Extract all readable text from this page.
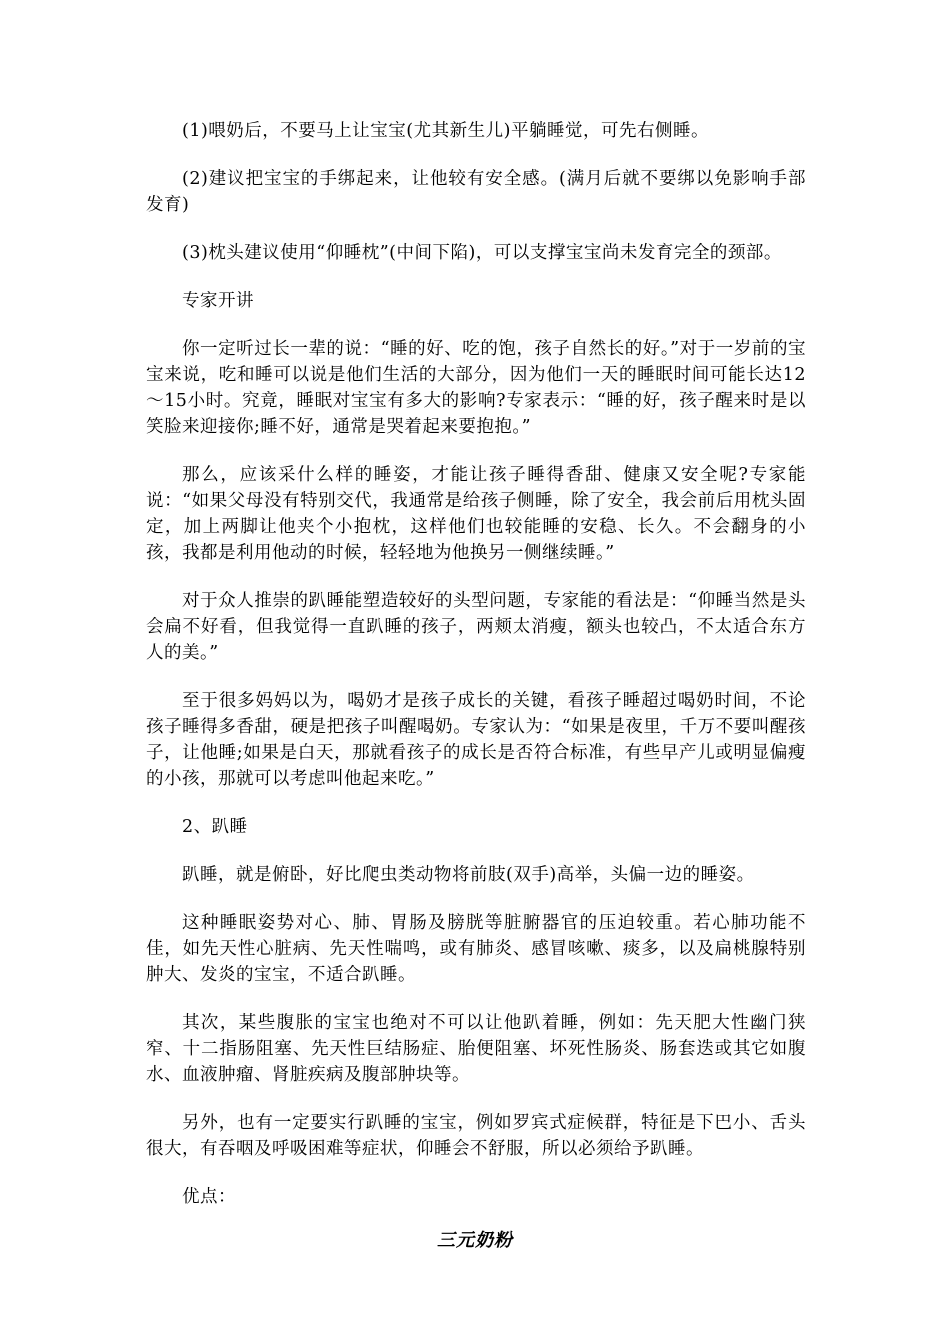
(1)喂奶后，不要马上让宝宝(尤其新生儿)平躺睡觉，可先右侧睡。

(2)建议把宝宝的手绑起来，让他较有安全感。(满月后就不要绑以免影响手部发育)

(3)枕头建议使用“仰睡枕”(中间下陷)，可以支撑宝宝尚未发育完全的颈部。

专家开讲

你一定听过长一辈的说：“睡的好、吃的饱，孩子自然长的好。”对于一岁前的宝宝来说，吃和睡可以说是他们生活的大部分，因为他们一天的睡眠时间可能长达12～15小时。究竟，睡眠对宝宝有多大的影响?专家表示：“睡的好，孩子醒来时是以笑脸来迎接你;睡不好，通常是哭着起来要抱抱。”

那么，应该采什么样的睡姿，才能让孩子睡得香甜、健康又安全呢?专家能说：“如果父母没有特别交代，我通常是给孩子侧睡，除了安全，我会前后用枕头固定，加上两脚让他夹个小抱枕，这样他们也较能睡的安稳、长久。不会翻身的小孩，我都是利用他动的时候，轻轻地为他换另一侧继续睡。”

对于众人推崇的趴睡能塑造较好的头型问题，专家能的看法是：“仰睡当然是头会扁不好看，但我觉得一直趴睡的孩子，两颊太消瘦，额头也较凸，不太适合东方人的美。”

至于很多妈妈以为，喝奶才是孩子成长的关键，看孩子睡超过喝奶时间，不论孩子睡得多香甜，硬是把孩子叫醒喝奶。专家认为：“如果是夜里，千万不要叫醒孩子，让他睡;如果是白天，那就看孩子的成长是否符合标准，有些早产儿或明显偏瘦的小孩，那就可以考虑叫他起来吃。”

2、趴睡

趴睡，就是俯卧，好比爬虫类动物将前肢(双手)高举，头偏一边的睡姿。

这种睡眠姿势对心、肺、胃肠及膀胱等脏腑器官的压迫较重。若心肺功能不佳，如先天性心脏病、先天性喘鸣，或有肺炎、感冒咳嗽、痰多，以及扁桃腺特别肿大、发炎的宝宝，不适合趴睡。

其次，某些腹胀的宝宝也绝对不可以让他趴着睡，例如：先天肥大性幽门狭窄、十二指肠阻塞、先天性巨结肠症、胎便阻塞、坏死性肠炎、肠套迭或其它如腹水、血液肿瘤、肾脏疾病及腹部肿块等。

另外，也有一定要实行趴睡的宝宝，例如罗宾式症候群，特征是下巴小、舌头很大，有吞咽及呼吸困难等症状，仰睡会不舒服，所以必须给予趴睡。

优点：

三元奶粉
